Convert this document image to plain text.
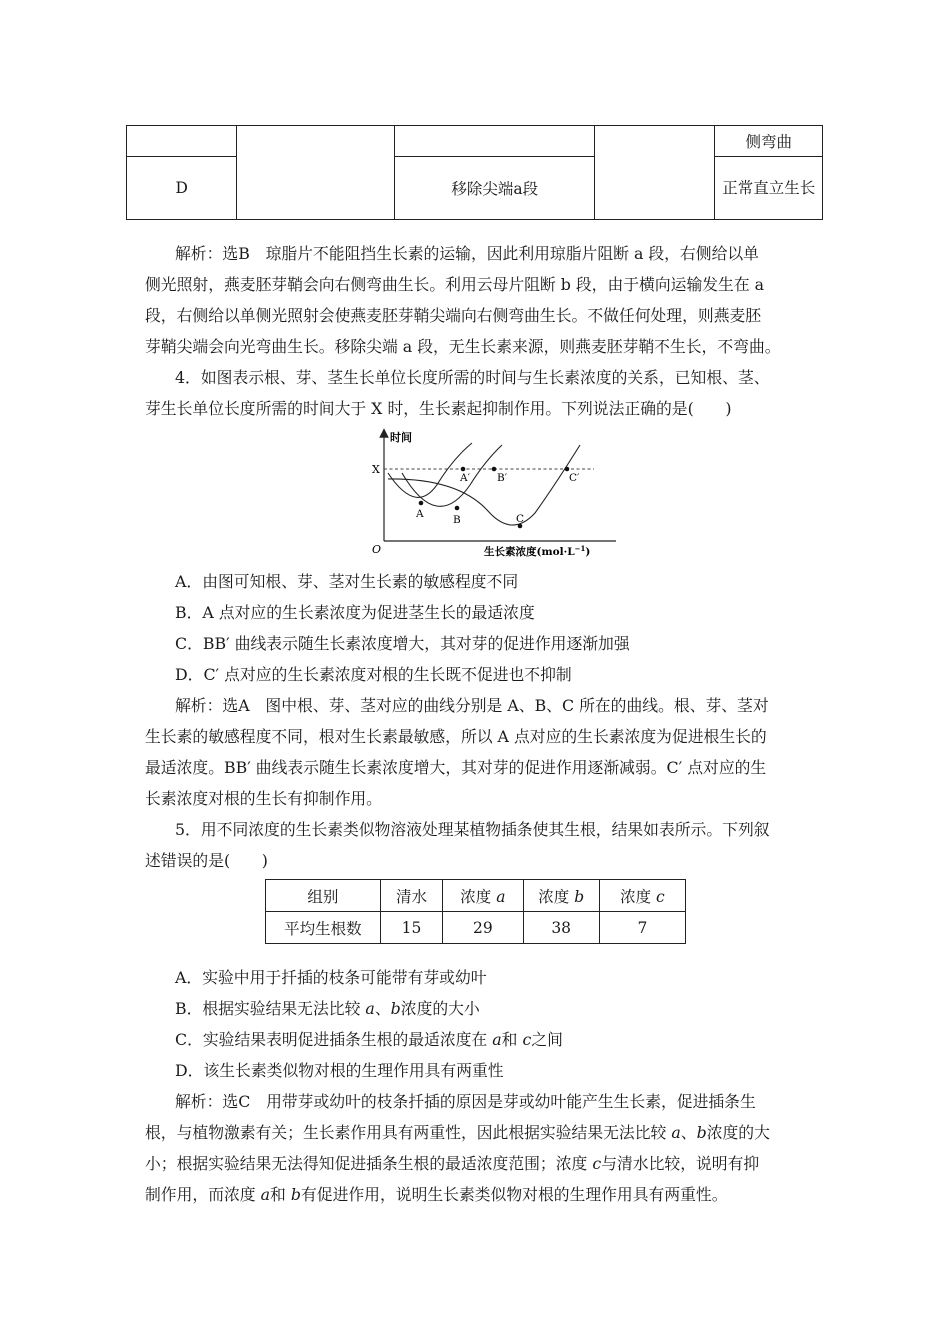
				侧弯曲
D		移除尖端a段		正常直立生长
解析：选B　琼脂片不能阻挡生长素的运输，因此利用琼脂片阻断 a 段，右侧给以单
侧光照射，燕麦胚芽鞘会向右侧弯曲生长。利用云母片阻断 b 段，由于横向运输发生在 a
段，右侧给以单侧光照射会使燕麦胚芽鞘尖端向右侧弯曲生长。不做任何处理，则燕麦胚
芽鞘尖端会向光弯曲生长。移除尖端 a 段，无生长素来源，则燕麦胚芽鞘不生长，不弯曲。
4．如图表示根、芽、茎生长单位长度所需的时间与生长素浓度的关系，已知根、茎、
芽生长单位长度所需的时间大于 X 时，生长素起抑制作用。下列说法正确的是(　　)
时间
O	生长素浓度$(mol\cdot L^{-1})$
X
A	B	C
A′	B′	C′
A．由图可知根、芽、茎对生长素的敏感程度不同
B．A 点对应的生长素浓度为促进茎生长的最适浓度
C．BB′ 曲线表示随生长素浓度增大，其对芽的促进作用逐渐加强
D．C′ 点对应的生长素浓度对根的生长既不促进也不抑制
解析：选A　图中根、芽、茎对应的曲线分别是 A、B、C 所在的曲线。根、芽、茎对
生长素的敏感程度不同，根对生长素最敏感，所以 A 点对应的生长素浓度为促进根生长的
最适浓度。BB′ 曲线表示随生长素浓度增大，其对芽的促进作用逐渐减弱。C′ 点对应的生
长素浓度对根的生长有抑制作用。
5．用不同浓度的生长素类似物溶液处理某植物插条使其生根，结果如表所示。下列叙
述错误的是(　　)
组别	清水	浓度 a	浓度 b	浓度 c
平均生根数	15	29	38	7
A．实验中用于扦插的枝条可能带有芽或幼叶
B．根据实验结果无法比较 a、b浓度的大小
C．实验结果表明促进插条生根的最适浓度在 a和 c之间
D．该生长素类似物对根的生理作用具有两重性
解析：选C　用带芽或幼叶的枝条扦插的原因是芽或幼叶能产生生长素，促进插条生
根，与植物激素有关；生长素作用具有两重性，因此根据实验结果无法比较 a、b浓度的大
小；根据实验结果无法得知促进插条生根的最适浓度范围；浓度 c与清水比较，说明有抑
制作用，而浓度 a和 b有促进作用，说明生长素类似物对根的生理作用具有两重性。
